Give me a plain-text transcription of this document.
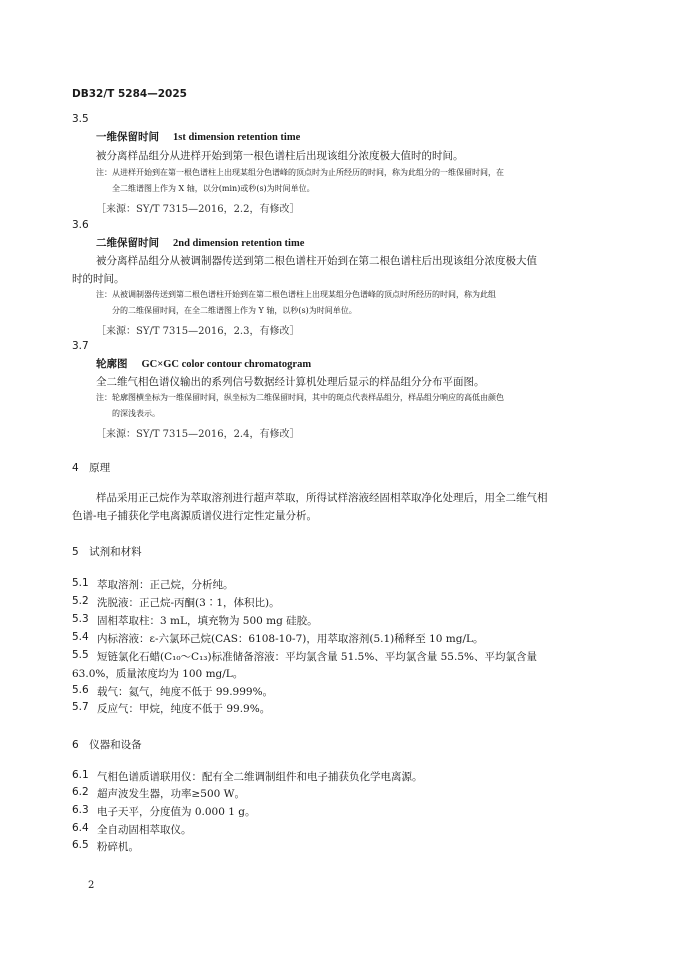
DB32/T 5284—2025
3.5
一维保留时间 1st dimension retention time
被分离样品组分从进样开始到第一根色谱柱后出现该组分浓度极大值时的时间。
注：从进样开始到在第一根色谱柱上出现某组分色谱峰的顶点时为止所经历的时间，称为此组分的一维保留时间，在
全二维谱图上作为 X 轴，以分(min)或秒(s)为时间单位。
［来源：SY/T 7315—2016，2.2，有修改］
3.6
二维保留时间 2nd dimension retention time
被分离样品组分从被调制器传送到第二根色谱柱开始到在第二根色谱柱后出现该组分浓度极大值
时的时间。
注：从被调制器传送到第二根色谱柱开始到在第二根色谱柱上出现某组分色谱峰的顶点时所经历的时间，称为此组
分的二维保留时间，在全二维谱图上作为 Y 轴，以秒(s)为时间单位。
［来源：SY/T 7315—2016，2.3，有修改］
3.7
轮廓图 GC×GC color contour chromatogram
全二维气相色谱仪输出的系列信号数据经计算机处理后显示的样品组分分布平面图。
注：轮廓图横坐标为一维保留时间，纵坐标为二维保留时间，其中的斑点代表样品组分，样品组分响应的高低由颜色
的深浅表示。
［来源：SY/T 7315—2016，2.4，有修改］
4　原理
样品采用正己烷作为萃取溶剂进行超声萃取，所得试样溶液经固相萃取净化处理后，用全二维气相
色谱-电子捕获化学电离源质谱仪进行定性定量分析。
5　试剂和材料
5.1 萃取溶剂：正己烷，分析纯。
5.2 洗脱液：正己烷-丙酮(3∶1，体积比)。
5.3 固相萃取柱：3 mL，填充物为 500 mg 硅胶。
5.4 内标溶液：ε-六氯环己烷(CAS：6108-10-7)，用萃取溶剂(5.1)稀释至 10 mg/L。
5.5 短链氯化石蜡(C₁₀～C₁₃)标准储备溶液：平均氯含量 51.5%、平均氯含量 55.5%、平均氯含量
63.0%，质量浓度均为 100 mg/L。
5.6 载气：氦气，纯度不低于 99.999%。
5.7 反应气：甲烷，纯度不低于 99.9%。
6　仪器和设备
6.1 气相色谱质谱联用仪：配有全二维调制组件和电子捕获负化学电离源。
6.2 超声波发生器，功率≥500 W。
6.3 电子天平，分度值为 0.000 1 g。
6.4 全自动固相萃取仪。
6.5 粉碎机。
2
